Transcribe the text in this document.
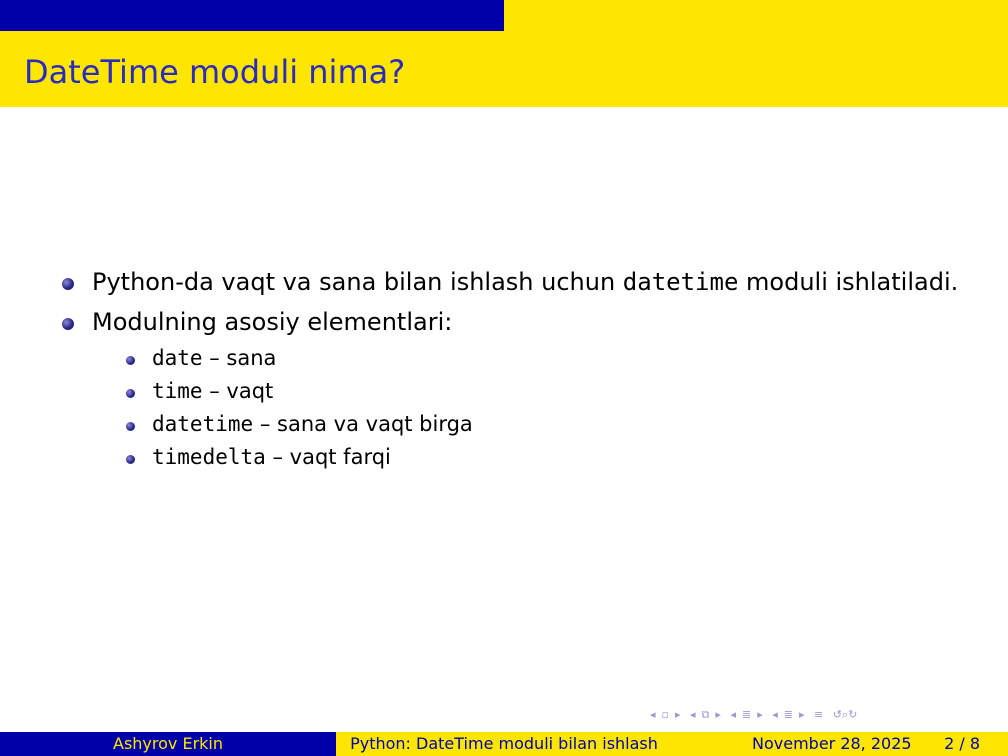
DateTime moduli nima?
Python-da vaqt va sana bilan ishlash uchun datetime moduli ishlatiladi.
Modulning asosiy elementlari:
date – sana
time – vaqt
datetime – sana va vaqt birga
timedelta – vaqt farqi
◂ ▫ ▸ ◂ ⧉ ▸ ◂ ≣ ▸ ◂ ≣ ▸ ≡ ↺⌕↻
Ashyrov Erkin	Python: DateTime moduli bilan ishlash	November 28, 2025 2 / 8
